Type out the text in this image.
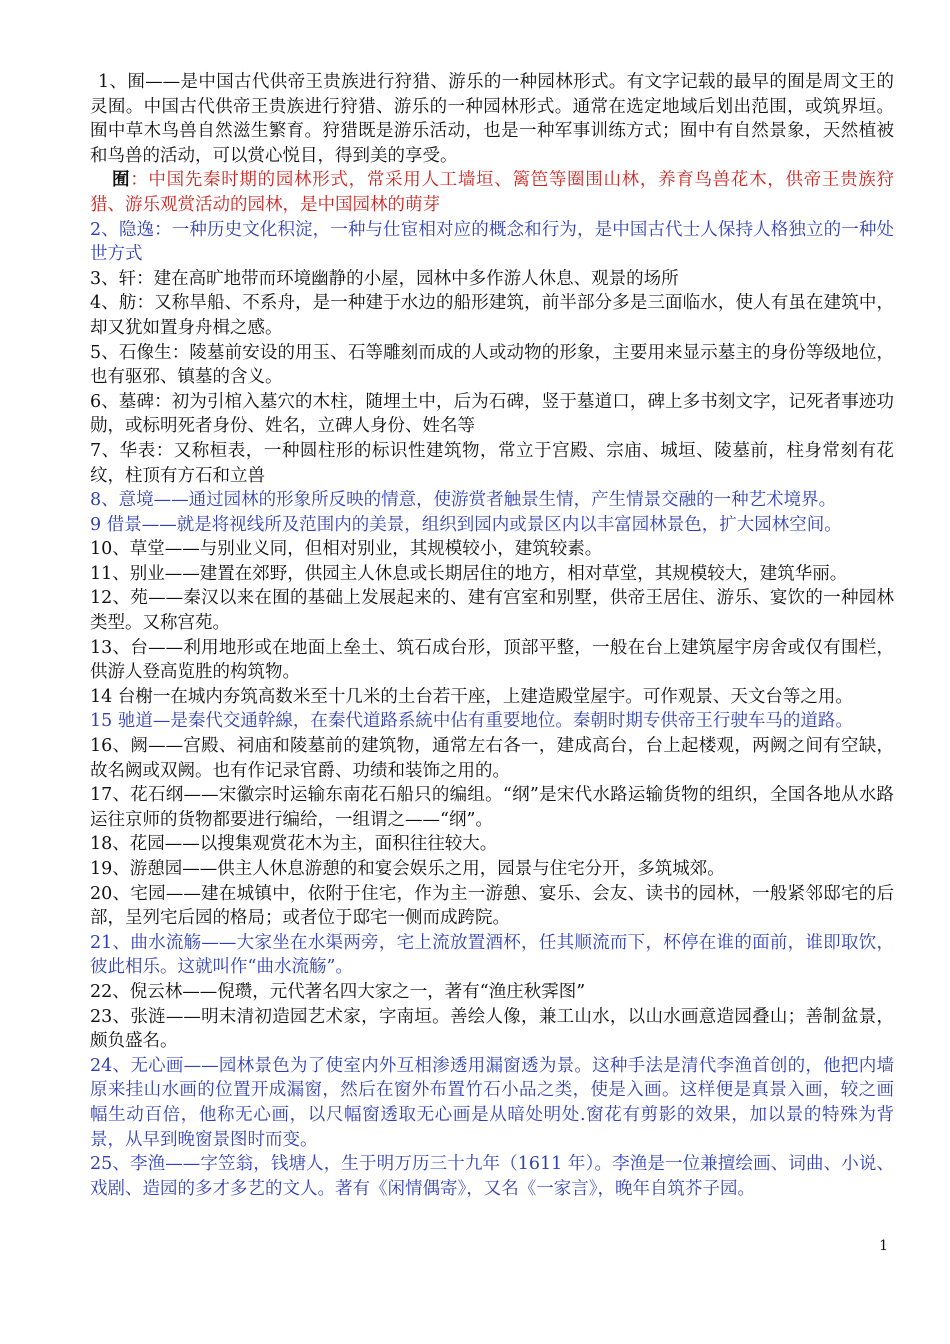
1、囿——是中国古代供帝王贵族进行狩猎、游乐的一种园林形式。有文字记载的最早的囿是周文王的灵囿。中国古代供帝王贵族进行狩猎、游乐的一种园林形式。通常在选定地域后划出范围，或筑界垣。囿中草木鸟兽自然滋生繁育。狩猎既是游乐活动，也是一种军事训练方式；囿中有自然景象，天然植被和鸟兽的活动，可以赏心悦目，得到美的享受。

囿：中国先秦时期的园林形式，常采用人工墙垣、篱笆等圈围山林，养育鸟兽花木，供帝王贵族狩猎、游乐观赏活动的园林，是中国园林的萌芽

2、隐逸：一种历史文化积淀，一种与仕宦相对应的概念和行为，是中国古代士人保持人格独立的一种处世方式

3、轩：建在高旷地带而环境幽静的小屋，园林中多作游人休息、观景的场所

4、舫：又称旱船、不系舟，是一种建于水边的船形建筑，前半部分多是三面临水，使人有虽在建筑中，却又犹如置身舟楫之感。

5、石像生：陵墓前安设的用玉、石等雕刻而成的人或动物的形象，主要用来显示墓主的身份等级地位，也有驱邪、镇墓的含义。

6、墓碑：初为引棺入墓穴的木柱，随埋土中，后为石碑，竖于墓道口，碑上多书刻文字，记死者事迹功勋，或标明死者身份、姓名，立碑人身份、姓名等

7、华表：又称桓表，一种圆柱形的标识性建筑物，常立于宫殿、宗庙、城垣、陵墓前，柱身常刻有花纹，柱顶有方石和立兽

8、意境——通过园林的形象所反映的情意，使游赏者触景生情，产生情景交融的一种艺术境界。

9 借景——就是将视线所及范围内的美景，组织到园内或景区内以丰富园林景色，扩大园林空间。

10、草堂——与别业义同，但相对别业，其规模较小，建筑较素。

11、别业——建置在郊野，供园主人休息或长期居住的地方，相对草堂，其规模较大，建筑华丽。

12、苑——秦汉以来在囿的基础上发展起来的、建有宫室和别墅，供帝王居住、游乐、宴饮的一种园林类型。又称宫苑。

13、台——利用地形或在地面上垒土、筑石成台形，顶部平整，一般在台上建筑屋宇房舍或仅有围栏，供游人登高览胜的构筑物。

14 台榭一在城内夯筑高数米至十几米的土台若干座，上建造殿堂屋宇。可作观景、天文台等之用。

15 驰道—是秦代交通幹線，在秦代道路系統中佔有重要地位。秦朝时期专供帝王行驶车马的道路。

16、阙——宫殿、祠庙和陵墓前的建筑物，通常左右各一，建成高台，台上起楼观，两阙之间有空缺，故名阙或双阙。也有作记录官爵、功绩和装饰之用的。

17、花石纲——宋徽宗时运输东南花石船只的编组。“纲”是宋代水路运输货物的组织，全国各地从水路运往京师的货物都要进行编给，一组谓之——“纲”。

18、花园——以搜集观赏花木为主，面积往往较大。

19、游憩园——供主人休息游憩的和宴会娱乐之用，园景与住宅分开，多筑城郊。

20、宅园——建在城镇中，依附于住宅，作为主一游憩、宴乐、会友、读书的园林，一般紧邻邸宅的后部，呈列宅后园的格局；或者位于邸宅一侧而成跨院。

21、曲水流觞——大家坐在水渠两旁，宅上流放置酒杯，任其顺流而下，杯停在谁的面前，谁即取饮，彼此相乐。这就叫作“曲水流觞”。

22、倪云林——倪瓒，元代著名四大家之一，著有“渔庄秋霁图”

23、张涟——明末清初造园艺术家，字南垣。善绘人像，兼工山水，以山水画意造园叠山；善制盆景，颇负盛名。

24、无心画——园林景色为了使室内外互相渗透用漏窗透为景。这种手法是清代李渔首创的，他把内墙原来挂山水画的位置开成漏窗，然后在窗外布置竹石小品之类，使是入画。这样便是真景入画，较之画幅生动百倍，他称无心画，以尺幅窗透取无心画是从暗处明处.窗花有剪影的效果，加以景的特殊为背景，从早到晚窗景图时而变。

25、李渔——字笠翁，钱塘人，生于明万历三十九年（1611 年）。李渔是一位兼擅绘画、词曲、小说、戏剧、造园的多才多艺的文人。著有《闲情偶寄》，又名《一家言》，晚年自筑芥子园。

1
